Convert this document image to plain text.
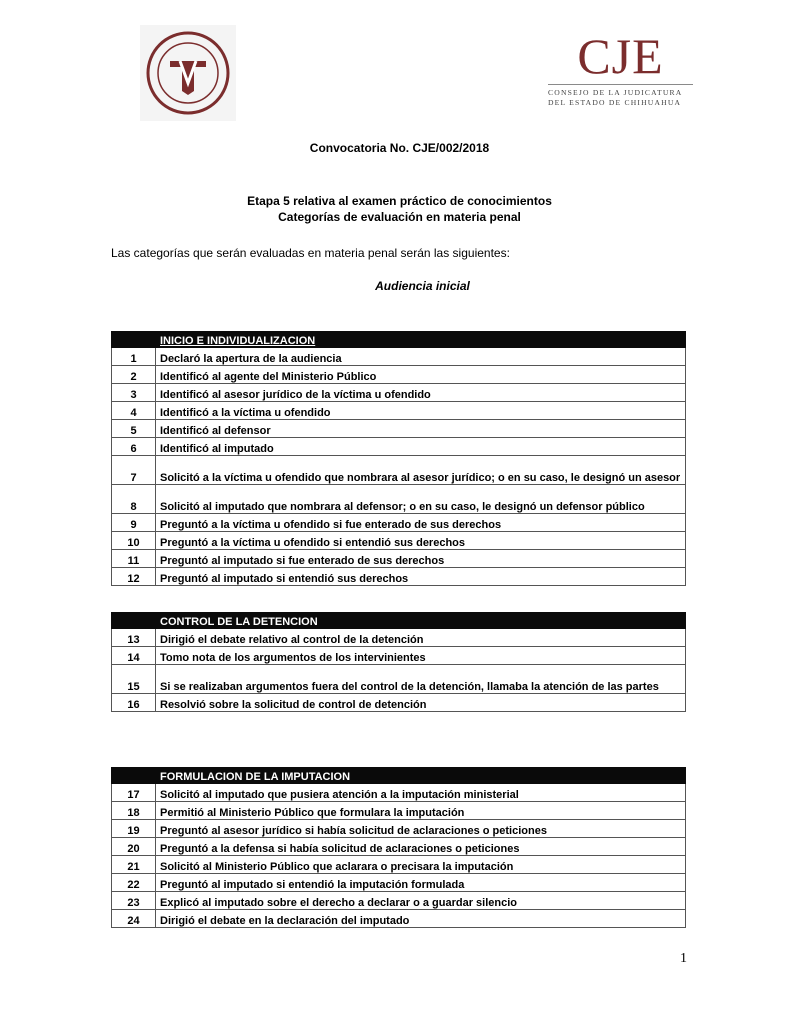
CJE
CONSEJO DE LA JUDICATURA
DEL ESTADO DE CHIHUAHUA
Convocatoria No. CJE/002/2018
Etapa 5 relativa al examen práctico de conocimientos
Categorías de evaluación en materia penal
Las categorías que serán evaluadas en materia penal serán las siguientes:
Audiencia inicial
	INICIO E INDIVIDUALIZACION
1	Declaró la apertura de la audiencia
2	Identificó al agente del Ministerio Público
3	Identificó al asesor jurídico de la víctima u ofendido
4	Identificó a la víctima u ofendido
5	Identificó al defensor
6	Identificó al imputado
7	Solicitó a la víctima u ofendido que nombrara al asesor jurídico; o en su caso, le designó un asesor
8	Solicitó al imputado que nombrara al defensor; o en su caso, le designó un defensor público
9	Preguntó a la víctima u ofendido si fue enterado de sus derechos
10	Preguntó a la víctima u ofendido si entendió sus derechos
11	Preguntó al imputado si fue enterado de sus derechos
12	Preguntó al imputado si entendió sus derechos
	CONTROL DE LA DETENCION
13	Dirigió el debate relativo al control de la detención
14	Tomo nota de los argumentos de los intervinientes
15	Si se realizaban argumentos fuera del control de la detención, llamaba la atención de las partes
16	Resolvió sobre la solicitud de control de detención
	FORMULACION DE LA IMPUTACION
17	Solicitó al imputado que pusiera atención a la imputación ministerial
18	Permitió al Ministerio Público que formulara la imputación
19	Preguntó al asesor jurídico si había solicitud de aclaraciones o peticiones
20	Preguntó a la defensa si había solicitud de aclaraciones o peticiones
21	Solicitó al Ministerio Público que aclarara o precisara la imputación
22	Preguntó al imputado si entendió la imputación formulada
23	Explicó al imputado sobre el derecho a declarar o a guardar silencio
24	Dirigió el debate en la declaración del imputado
1
